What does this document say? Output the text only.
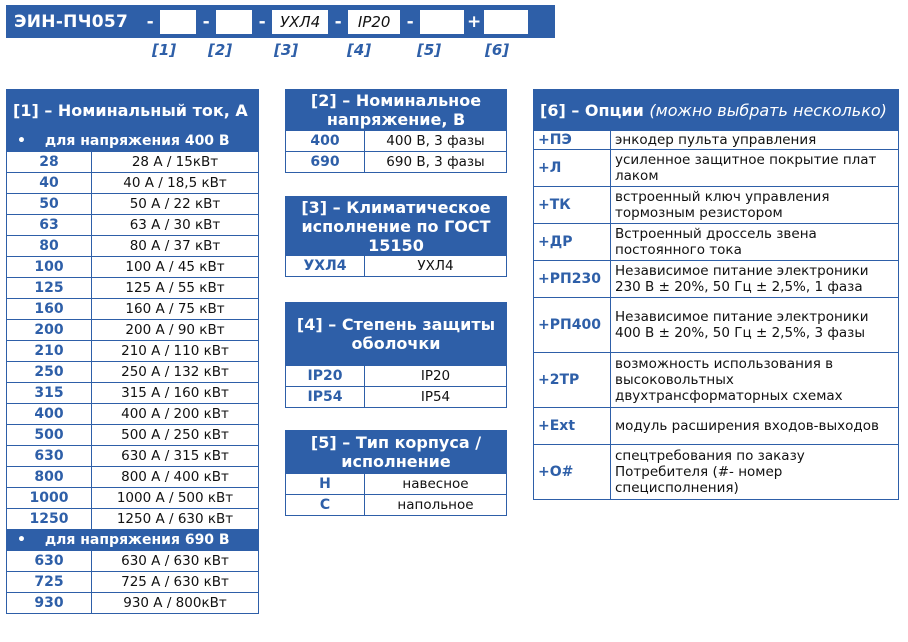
ЭИН-ПЧ057	-	-	- УХЛ4 -	IP20 -	+
[1] [2]	[3]	[4]	[5]	[6]
[1] – Номинальный ток, А	
• для напряжения 400 В	
28	28 А / 15кВт
40	40 А / 18,5 кВт
50	50 А / 22 кВт
63	63 А / 30 кВт
80	80 А / 37 кВт
100	100 А / 45 кВт
125	125 А / 55 кВт
160	160 А / 75 кВт
200	200 А / 90 кВт
210	210 А / 110 кВт
250	250 А / 132 кВт
315	315 А / 160 кВт
400	400 А / 200 кВт
500	500 А / 250 кВт
630	630 А / 315 кВт
800	800 А / 400 кВт
1000	1000 А / 500 кВт
1250	1250 А / 630 кВт
• для напряжения 690 В	
630	630 А / 630 кВт
725	725 А / 630 кВт
930	930 А / 800кВт
[2] – Номинальное напряжение, В	
400	400 В, 3 фазы
690	690 В, 3 фазы
[3] – Климатическое исполнение по ГОСТ 15150
УХЛ4	УХЛ4
[4] – Степень защиты оболочки	
IP20	IP20
IP54	IP54
[5] – Тип корпуса / исполнение	
Н	навесное
С	напольное
[6] – Опции (можно выбрать несколько)	
+ПЭ	энкодер пульта управления
+Л	усиленное защитное покрытие плат лаком
+ТК	встроенный ключ управления тормозным резистором
+ДР	Встроенный дроссель звена постоянного тока
+РП230	Независимое питание электроники 230 В ± 20%, 50 Гц ± 2,5%, 1 фаза
+РП400	Независимое питание электроники 400 В ± 20%, 50 Гц ± 2,5%, 3 фазы
+2ТР	возможность использования в высоковольтных двухтрансформаторных схемах
+Ext	модуль расширения входов-выходов
+О#	спецтребования по заказу Потребителя (#- номер специсполнения)
